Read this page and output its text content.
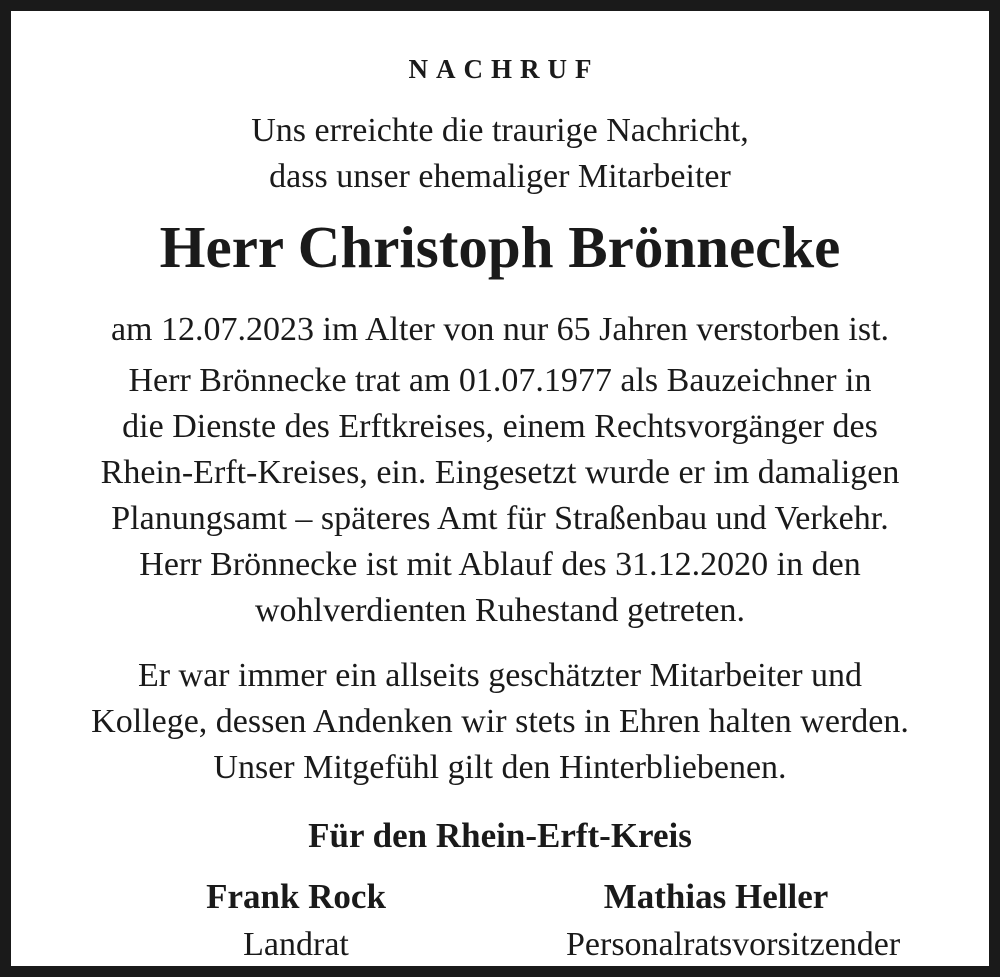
NACHRUF
Uns erreichte die traurige Nachricht,
dass unser ehemaliger Mitarbeiter
Herr Christoph Brönnecke
am 12.07.2023 im Alter von nur 65 Jahren verstorben ist.
Herr Brönnecke trat am 01.07.1977 als Bauzeichner in
die Dienste des Erftkreises, einem Rechtsvorgänger des
Rhein-Erft-Kreises, ein. Eingesetzt wurde er im damaligen
Planungsamt – späteres Amt für Straßenbau und Verkehr.
Herr Brönnecke ist mit Ablauf des 31.12.2020 in den
wohlverdienten Ruhestand getreten.
Er war immer ein allseits geschätzter Mitarbeiter und
Kollege, dessen Andenken wir stets in Ehren halten werden.
Unser Mitgefühl gilt den Hinterbliebenen.
Für den Rhein-Erft-Kreis
Frank Rock
Landrat
Mathias Heller
Personalratsvorsitzender
